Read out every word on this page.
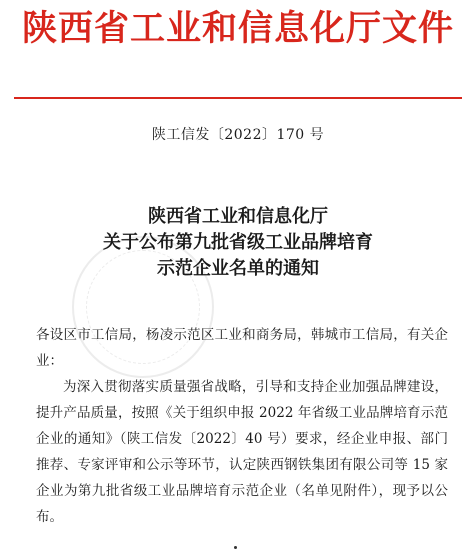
陕西省工业和信息化厅文件
陕工信发〔2022〕170 号
陕西省工业和信息化厅
关于公布第九批省级工业品牌培育
示范企业名单的通知

各设区市工信局，杨凌示范区工业和商务局，韩城市工信局，有关企业：

为深入贯彻落实质量强省战略，引导和支持企业加强品牌建设，提升产品质量，按照《关于组织申报 2022 年省级工业品牌培育示范企业的通知》（陕工信发〔2022〕40 号）要求，经企业申报、部门推荐、专家评审和公示等环节，认定陕西钢铁集团有限公司等 15 家企业为第九批省级工业品牌培育示范企业（名单见附件），现予以公布。
